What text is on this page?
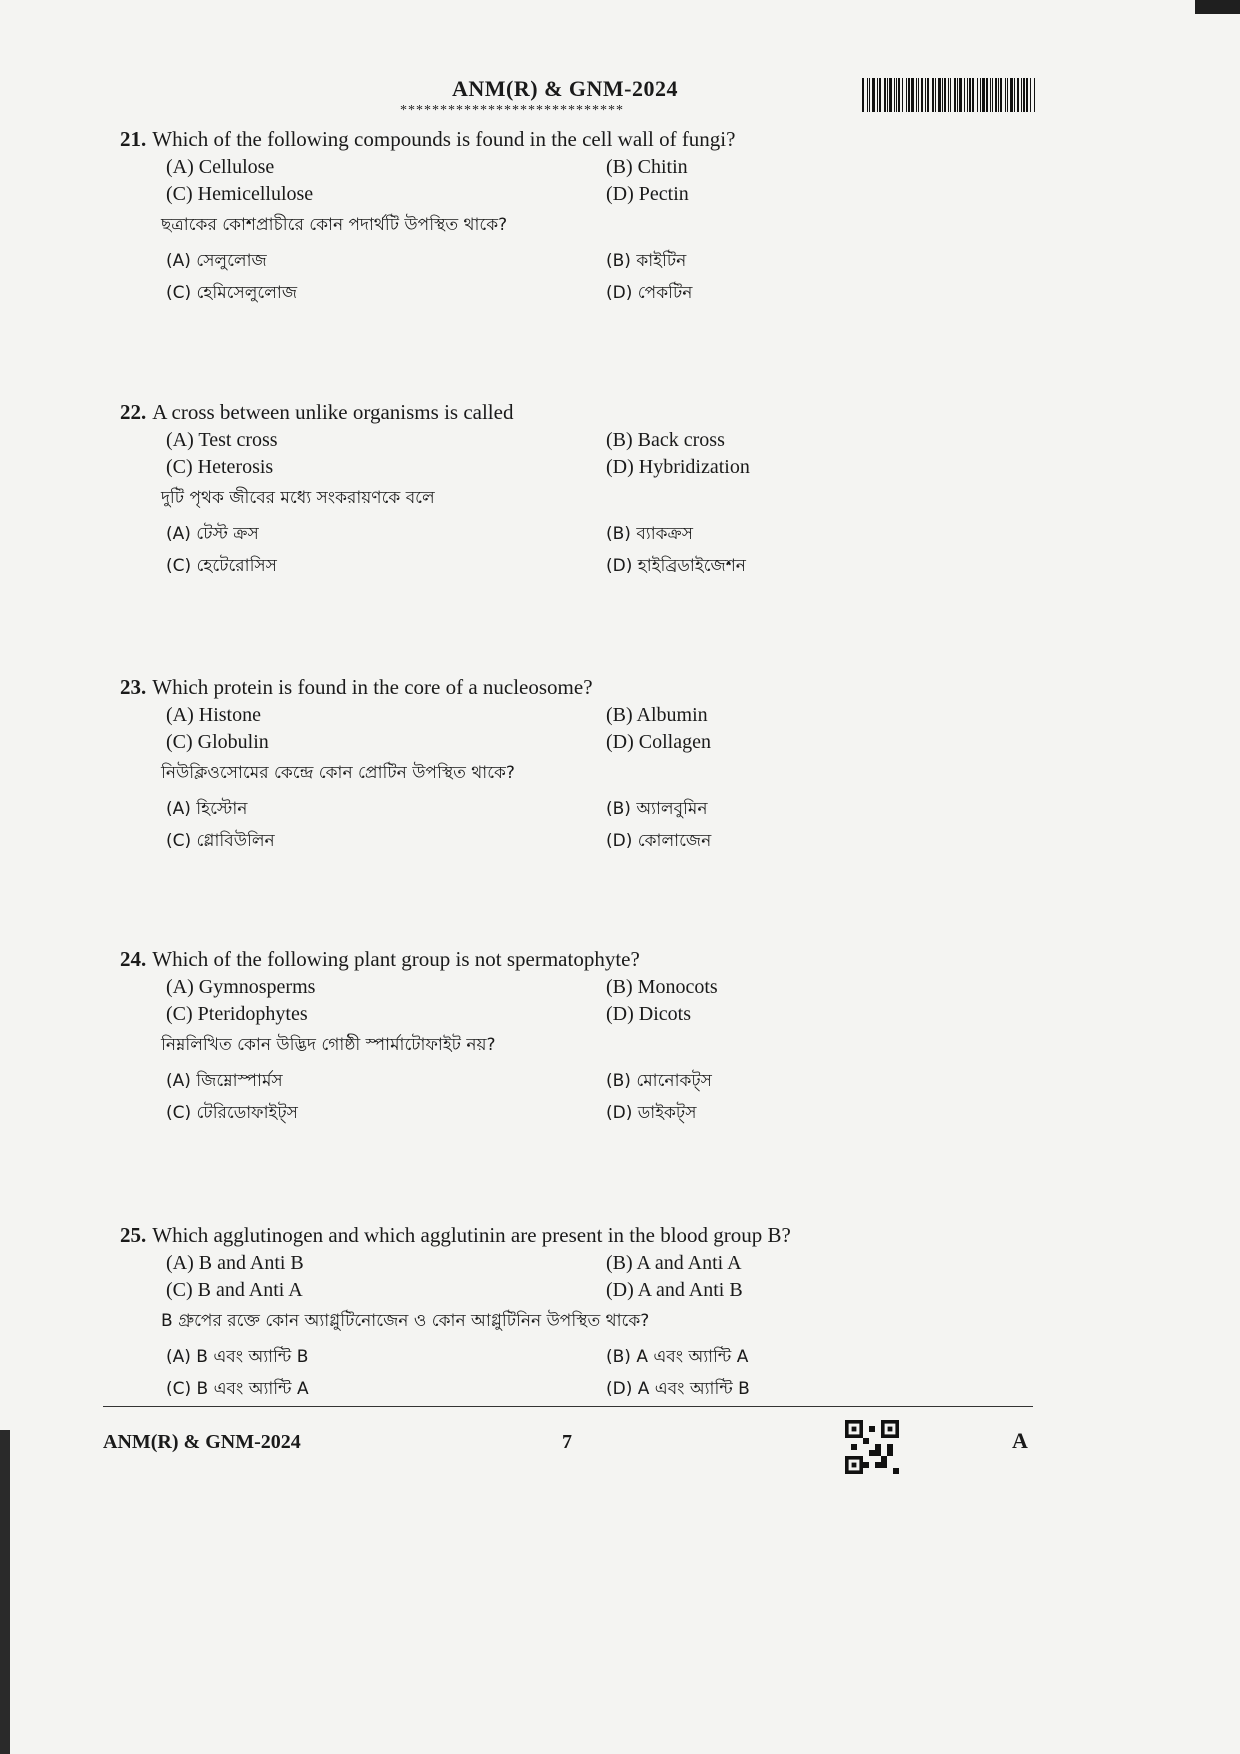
ANM(R) & GNM-2024
****************************
21. Which of the following compounds is found in the cell wall of fungi?
(A) Cellulose	(B) Chitin
(C) Hemicellulose	(D) Pectin
ছত্রাকের কোশপ্রাচীরে কোন পদার্থটি উপস্থিত থাকে?
(A) সেলুলোজ	(B) কাইটিন
(C) হেমিসেলুলোজ	(D) পেকটিন
22. A cross between unlike organisms is called
(A) Test cross	(B) Back cross
(C) Heterosis	(D) Hybridization
দুটি পৃথক জীবের মধ্যে সংকরায়ণকে বলে
(A) টেস্ট ক্রস	(B) ব্যাকক্রস
(C) হেটেরোসিস	(D) হাইব্রিডাইজেশন
23. Which protein is found in the core of a nucleosome?
(A) Histone	(B) Albumin
(C) Globulin	(D) Collagen
নিউক্লিওসোমের কেন্দ্রে কোন প্রোটিন উপস্থিত থাকে?
(A) হিস্টোন	(B) অ্যালবুমিন
(C) গ্লোবিউলিন	(D) কোলাজেন
24. Which of the following plant group is not spermatophyte?
(A) Gymnosperms	(B) Monocots
(C) Pteridophytes	(D) Dicots
নিম্নলিখিত কোন উদ্ভিদ গোষ্ঠী স্পার্মাটোফাইট নয়?
(A) জিম্নোস্পার্মস	(B) মোনোকট্স
(C) টেরিডোফাইট্স	(D) ডাইকট্স
25. Which agglutinogen and which agglutinin are present in the blood group B?
(A) B and Anti B	(B) A and Anti A
(C) B and Anti A	(D) A and Anti B
B গ্রুপের রক্তে কোন অ্যাগ্লুটিনোজেন ও কোন আগ্লুটিনিন উপস্থিত থাকে?
(A) B এবং অ্যান্টি B	(B) A এবং অ্যান্টি A
(C) B এবং অ্যান্টি A	(D) A এবং অ্যান্টি B
ANM(R) & GNM-2024	7	A
